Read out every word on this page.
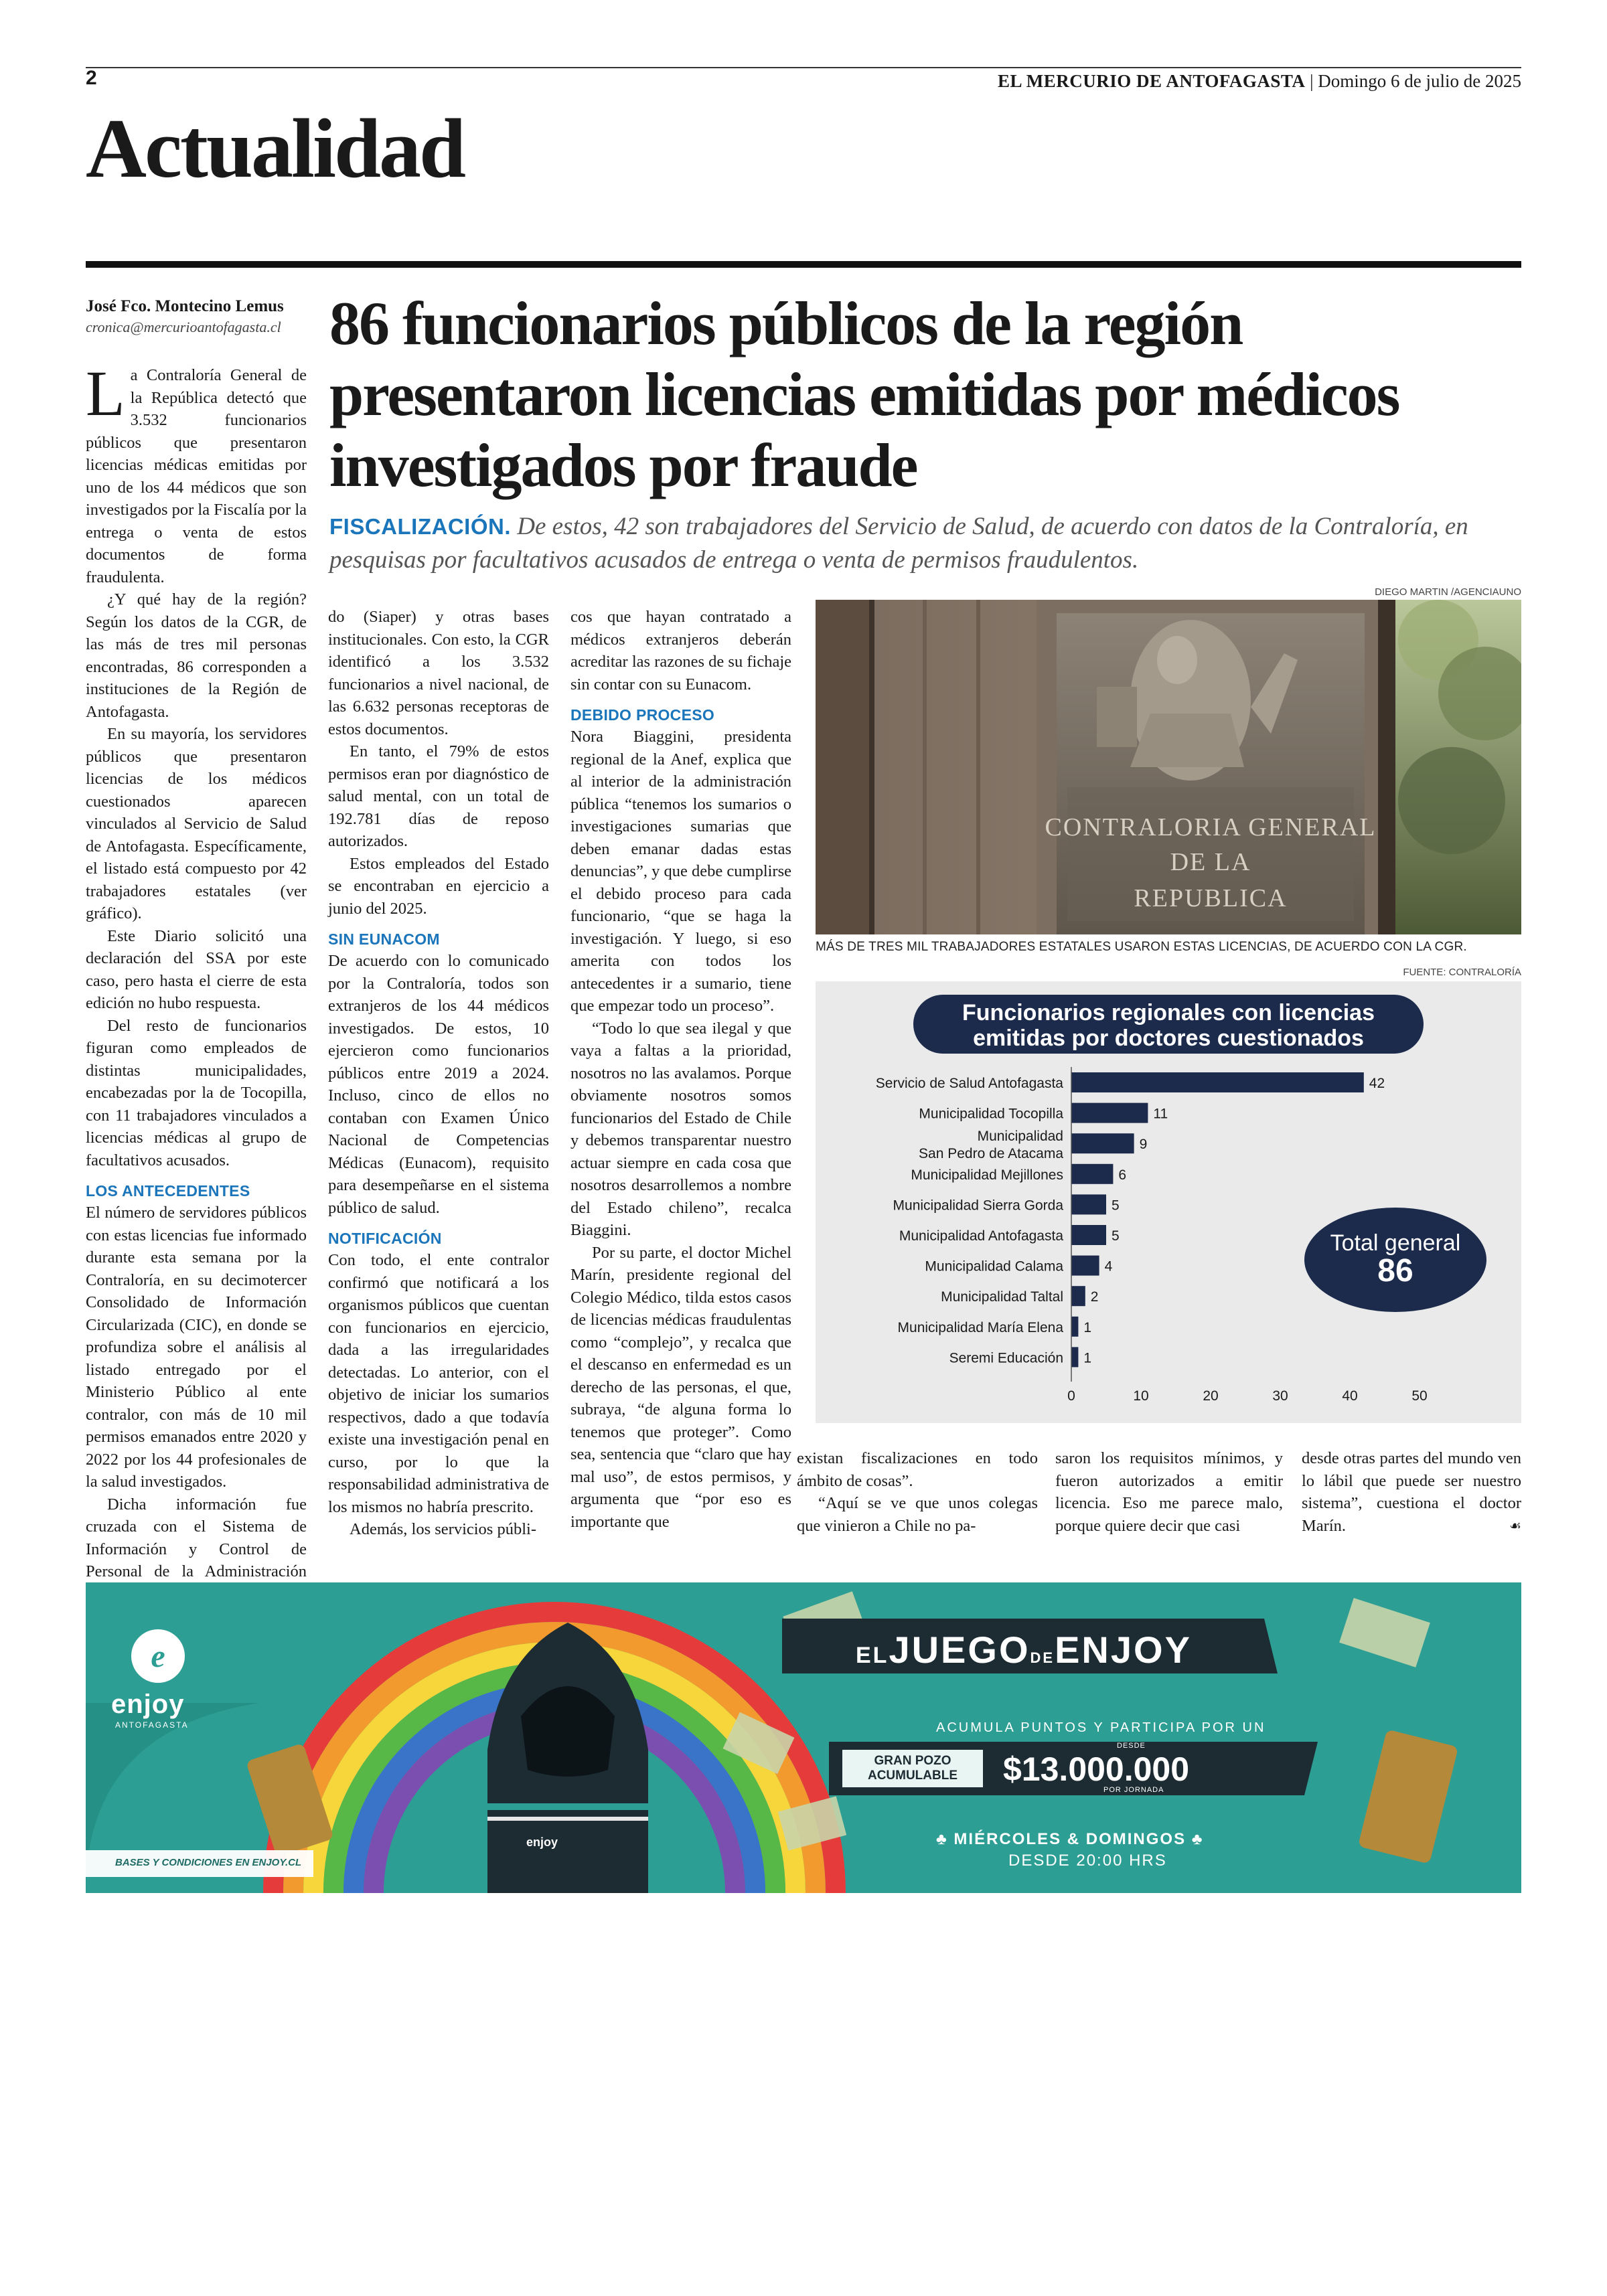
2	EL MERCURIO DE ANTOFAGASTA | Domingo 6 de julio de 2025
Actualidad
José Fco. Montecino Lemus
cronica@mercurioantofagasta.cl 86 funcionarios públicos de la región presentaron licencias emitidas por médicos investigados por fraude
FISCALIZACIÓN. De estos, 42 son trabajadores del Servicio de Salud, de acuerdo con datos de la Contraloría, en pesquisas por facultativos acusados de entrega o venta de permisos fraudulentos.

La Contraloría General de la República detectó que 3.532 funcionarios públicos que presentaron licencias médicas emitidas por uno de los 44 médicos que son investigados por la Fiscalía por la entrega o venta de estos documentos de forma fraudulenta.

¿Y qué hay de la región? Según los datos de la CGR, de las más de tres mil personas encontradas, 86 corresponden a instituciones de la Región de Antofagasta.

En su mayoría, los servidores públicos que presentaron licencias de los médicos cuestionados aparecen vinculados al Servicio de Salud de Antofagasta. Específicamente, el listado está compuesto por 42 trabajadores estatales (ver gráfico).

Este Diario solicitó una declaración del SSA por este caso, pero hasta el cierre de esta edición no hubo respuesta.

Del resto de funcionarios figuran como empleados de distintas municipalidades, encabezadas por la de Tocopilla, con 11 trabajadores vinculados a licencias médicas al grupo de facultativos acusados.

LOS ANTECEDENTES

El número de servidores públicos con estas licencias fue informado durante esta semana por la Contraloría, en su decimotercer Consolidado de Información Circularizada (CIC), en donde se profundiza sobre el análisis al listado entregado por el Ministerio Público al ente contralor, con más de 10 mil permisos emanados entre 2020 y 2022 por los 44 profesionales de la salud investigados.

Dicha información fue cruzada con el Sistema de Información y Control de Personal de la Administración

do (Siaper) y otras bases institucionales. Con esto, la CGR identificó a los 3.532 funcionarios a nivel nacional, de las 6.632 personas receptoras de estos documentos.

En tanto, el 79% de estos permisos eran por diagnóstico de salud mental, con un total de 192.781 días de reposo autorizados.

Estos empleados del Estado se encontraban en ejercicio a junio del 2025.

SIN EUNACOM

De acuerdo con lo comunicado por la Contraloría, todos son extranjeros de los 44 médicos investigados. De estos, 10 ejercieron como funcionarios públicos entre 2019 a 2024. Incluso, cinco de ellos no contaban con Examen Único Nacional de Competencias Médicas (Eunacom), requisito para desempeñarse en el sistema público de salud.

NOTIFICACIÓN

Con todo, el ente contralor confirmó que notificará a los organismos públicos que cuentan con funcionarios en ejercicio, dada a las irregularidades detectadas. Lo anterior, con el objetivo de iniciar los sumarios respectivos, dado a que todavía existe una investigación penal en curso, por lo que la responsabilidad administrativa de los mismos no habría prescrito.

Además, los servicios públi-

cos que hayan contratado a médicos extranjeros deberán acreditar las razones de su fichaje sin contar con su Eunacom.

DEBIDO PROCESO

Nora Biaggini, presidenta regional de la Anef, explica que al interior de la administración pública “tenemos los sumarios o investigaciones sumarias que deben emanar dadas estas denuncias”, y que debe cumplirse el debido proceso para cada funcionario, “que se haga la investigación. Y luego, si eso amerita con todos los antecedentes ir a sumario, tiene que empezar todo un proceso”.

“Todo lo que sea ilegal y que vaya a faltas a la prioridad, nosotros no las avalamos. Porque obviamente nosotros somos funcionarios del Estado de Chile y debemos transparentar nuestro actuar siempre en cada cosa que nosotros desarrollemos a nombre del Estado chileno”, recalca Biaggini.

Por su parte, el doctor Michel Marín, presidente regional del Colegio Médico, tilda estos casos de licencias médicas fraudulentas como “complejo”, y recalca que el descanso en enfermedad es un derecho de las personas, el que, subraya, “de alguna forma lo tenemos que proteger”. Como sea, sentencia que “claro que hay mal uso”, de estos permisos, y argumenta que “por eso es importante que

existan fiscalizaciones en todo ámbito de cosas”.

“Aquí se ve que unos colegas que vinieron a Chile no pa-

saron los requisitos mínimos, y fueron autorizados a emitir licencia. Eso me parece malo, porque quiere decir que casi

desde otras partes del mundo ven lo lábil que puede ser nuestro sistema”, cuestiona el doctor Marín.	☙

DIEGO MARTIN /AGENCIAUNO
CONTRALORIA GENERAL
DE LA
REPUBLICA
MÁS DE TRES MIL TRABAJADORES ESTATALES USARON ESTAS LICENCIAS, DE ACUERDO CON LA CGR.
FUENTE: CONTRALORÍA
Funcionarios regionales con licencias
emitidas por doctores cuestionados
Servicio de Salud Antofagasta	42
Municipalidad Tocopilla	11
Municipalidad
San Pedro de Atacama
9
Municipalidad Mejillones	6
Municipalidad Sierra Gorda	5
Municipalidad Antofagasta	5
Municipalidad Calama	4
Municipalidad Taltal 2
Municipalidad María Elena 1
Seremi Educación 1
0	10	20	30	40	50
Total general
86
e
enjoy
ANTOFAGASTA
enjoy
ELJUEGODEENJOY
ACUMULA PUNTOS Y PARTICIPA POR UN
GRAN POZO
ACUMULABLE
DESDE
$13.000.000
POR JORNADA
♣ MIÉRCOLES & DOMINGOS ♣
DESDE 20:00 HRS
BASES Y CONDICIONES EN ENJOY.CL
